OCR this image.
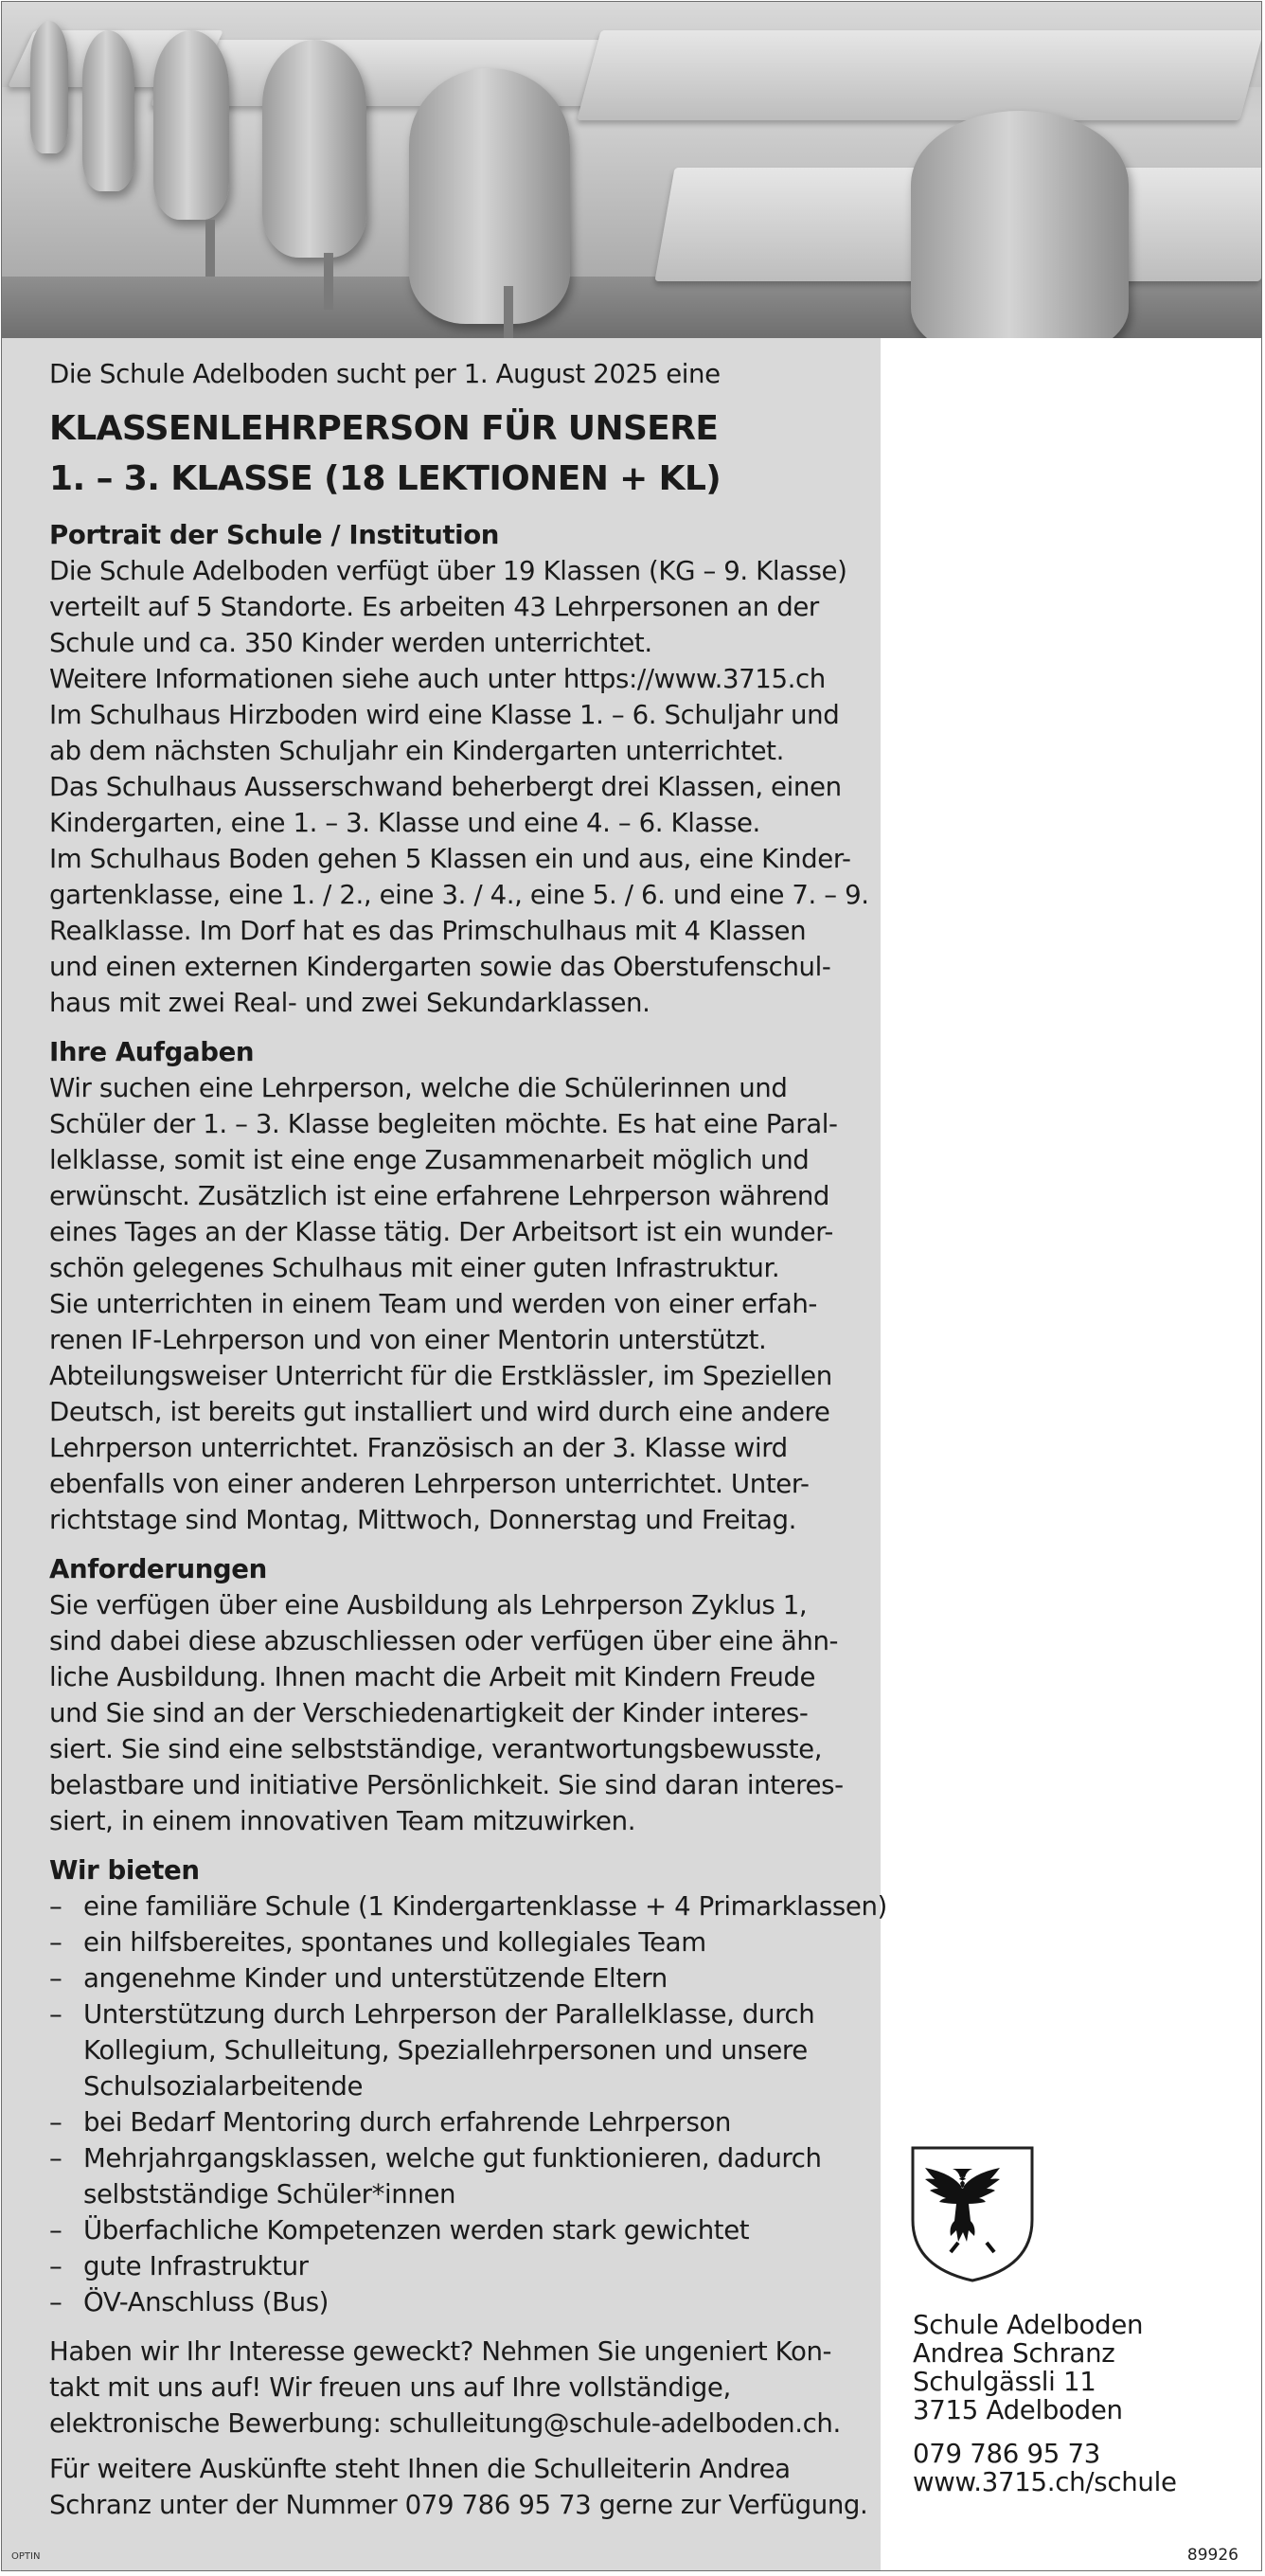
Die Schule Adelboden sucht per 1. August 2025 eine

KLASSENLEHRPERSON FÜR UNSERE
1. – 3. KLASSE (18 LEKTIONEN + KL)
Portrait der Schule / Institution
Die Schule Adelboden verfügt über 19 Klassen (KG – 9. Klasse)
verteilt auf 5 Standorte. Es arbeiten 43 Lehrpersonen an der
Schule und ca. 350 Kinder werden unterrichtet.
Weitere Informationen siehe auch unter https://www.3715.ch
Im Schulhaus Hirzboden wird eine Klasse 1. – 6. Schuljahr und
ab dem nächsten Schuljahr ein Kindergarten unterrichtet.
Das Schulhaus Ausserschwand beherbergt drei Klassen, einen
Kindergarten, eine 1. – 3. Klasse und eine 4. – 6. Klasse.
Im Schulhaus Boden gehen 5 Klassen ein und aus, eine Kinder-
gartenklasse, eine 1. / 2., eine 3. / 4., eine 5. / 6. und eine 7. – 9.
Realklasse. Im Dorf hat es das Primschulhaus mit 4 Klassen
und einen externen Kindergarten sowie das Oberstufenschul-
haus mit zwei Real- und zwei Sekundarklassen.
Ihre Aufgaben
Wir suchen eine Lehrperson, welche die Schülerinnen und
Schüler der 1. – 3. Klasse begleiten möchte. Es hat eine Paral-
lelklasse, somit ist eine enge Zusammenarbeit möglich und
erwünscht. Zusätzlich ist eine erfahrene Lehrperson während
eines Tages an der Klasse tätig. Der Arbeitsort ist ein wunder-
schön gelegenes Schulhaus mit einer guten Infrastruktur.
Sie unterrichten in einem Team und werden von einer erfah-
renen IF-Lehrperson und von einer Mentorin unterstützt.
Abteilungsweiser Unterricht für die Erstklässler, im Speziellen
Deutsch, ist bereits gut installiert und wird durch eine andere
Lehrperson unterrichtet. Französisch an der 3. Klasse wird
ebenfalls von einer anderen Lehrperson unterrichtet. Unter-
richtstage sind Montag, Mittwoch, Donnerstag und Freitag.
Anforderungen
Sie verfügen über eine Ausbildung als Lehrperson Zyklus 1,
sind dabei diese abzuschliessen oder verfügen über eine ähn-
liche Ausbildung. Ihnen macht die Arbeit mit Kindern Freude
und Sie sind an der Verschiedenartigkeit der Kinder interes-
siert. Sie sind eine selbstständige, verantwortungsbewusste,
belastbare und initiative Persönlichkeit. Sie sind daran interes-
siert, in einem innovativen Team mitzuwirken.
Wir bieten
– eine familiäre Schule (1 Kindergartenklasse + 4 Primarklassen)
– ein hilfsbereites, spontanes und kollegiales Team
– angenehme Kinder und unterstützende Eltern
– Unterstützung durch Lehrperson der Parallelklasse, durch
Kollegium, Schulleitung, Speziallehrpersonen und unsere
Schulsozialarbeitende
– bei Bedarf Mentoring durch erfahrende Lehrperson
– Mehrjahrgangsklassen, welche gut funktionieren, dadurch
selbstständige Schüler*innen
– Überfachliche Kompetenzen werden stark gewichtet
– gute Infrastruktur
– ÖV-Anschluss (Bus)
Haben wir Ihr Interesse geweckt? Nehmen Sie ungeniert Kon-
takt mit uns auf! Wir freuen uns auf Ihre vollständige,
elektronische Bewerbung: schulleitung@schule-adelboden.ch.
Für weitere Auskünfte steht Ihnen die Schulleiterin Andrea
Schranz unter der Nummer 079 786 95 73 gerne zur Verfügung.
Schule Adelboden
Andrea Schranz
Schulgässli 11
3715 Adelboden
079 786 95 73
www.3715.ch/schule
OPTIN	89926
